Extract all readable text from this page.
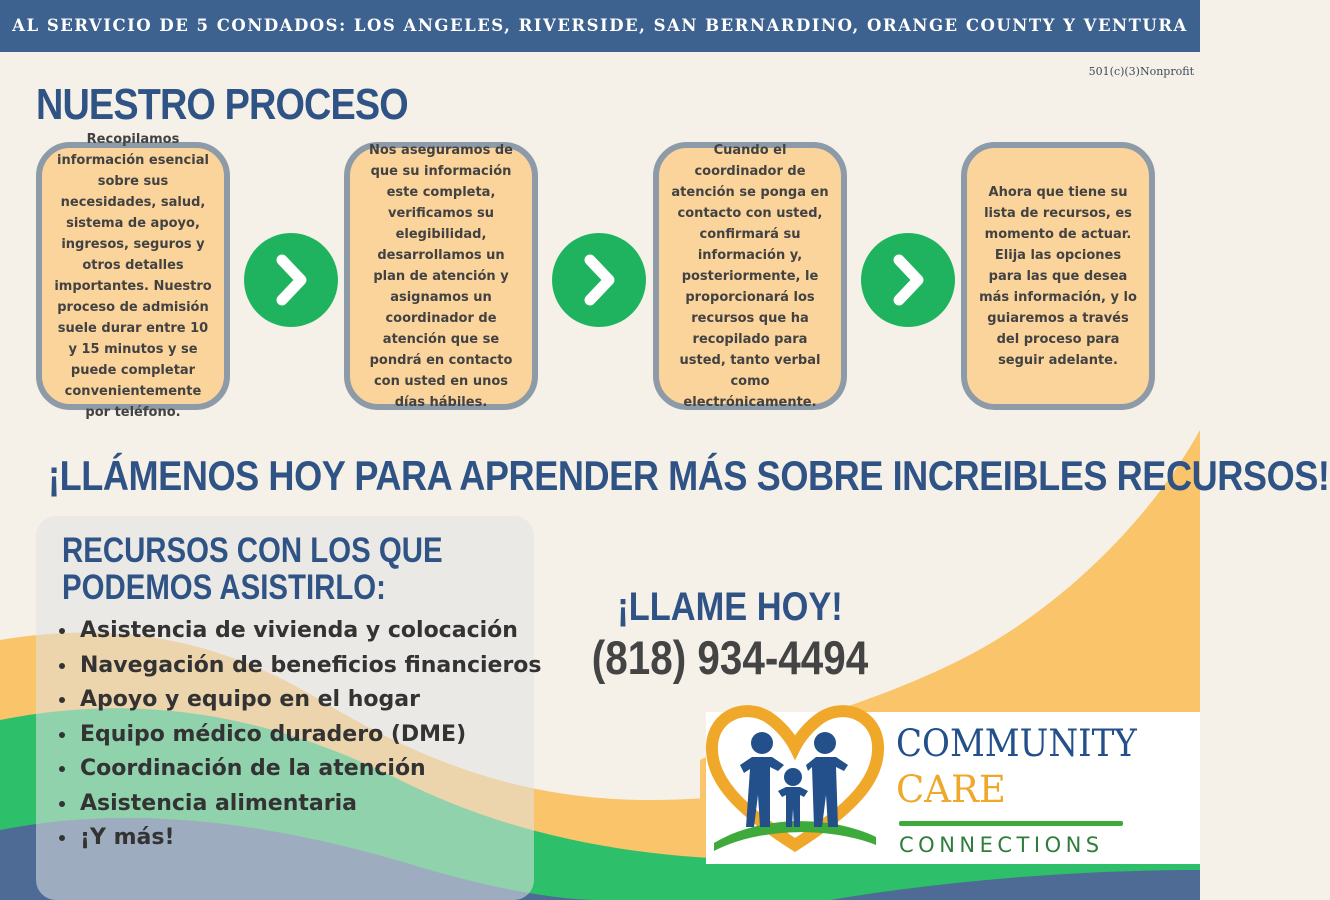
AL SERVICIO DE 5 CONDADOS: LOS ANGELES, RIVERSIDE, SAN BERNARDINO, ORANGE COUNTY Y VENTURA
501(c)(3)Nonprofit
NUESTRO PROCESO
Recopilamos información esencial sobre sus necesidades, salud, sistema de apoyo, ingresos, seguros y otros detalles importantes. Nuestro proceso de admisión suele durar entre 10 y 15 minutos y se puede completar convenientemente por teléfono.
Nos aseguramos de que su información este completa, verificamos su elegibilidad, desarrollamos un plan de atención y asignamos un coordinador de atención que se pondrá en contacto con usted en unos días hábiles.
Cuando el coordinador de atención se ponga en contacto con usted, confirmará su información y, posteriormente, le proporcionará los recursos que ha recopilado para usted, tanto verbal como electrónicamente.
Ahora que tiene su lista de recursos, es momento de actuar. Elija las opciones para las que desea más información, y lo guiaremos a través del proceso para seguir adelante.
¡LLÁMENOS HOY PARA APRENDER MÁS SOBRE INCREIBLES RECURSOS!
RECURSOS CON LOS QUE
PODEMOS ASISTIRLO:
• Asistencia de vivienda y colocación
• Navegación de beneficios financieros
• Apoyo y equipo en el hogar
• Equipo médico duradero (DME)
• Coordinación de la atención
• Asistencia alimentaria
• ¡Y más!
¡LLAME HOY!
(818) 934-4494
COMMUNITY
CARE
CONNECTIONS
